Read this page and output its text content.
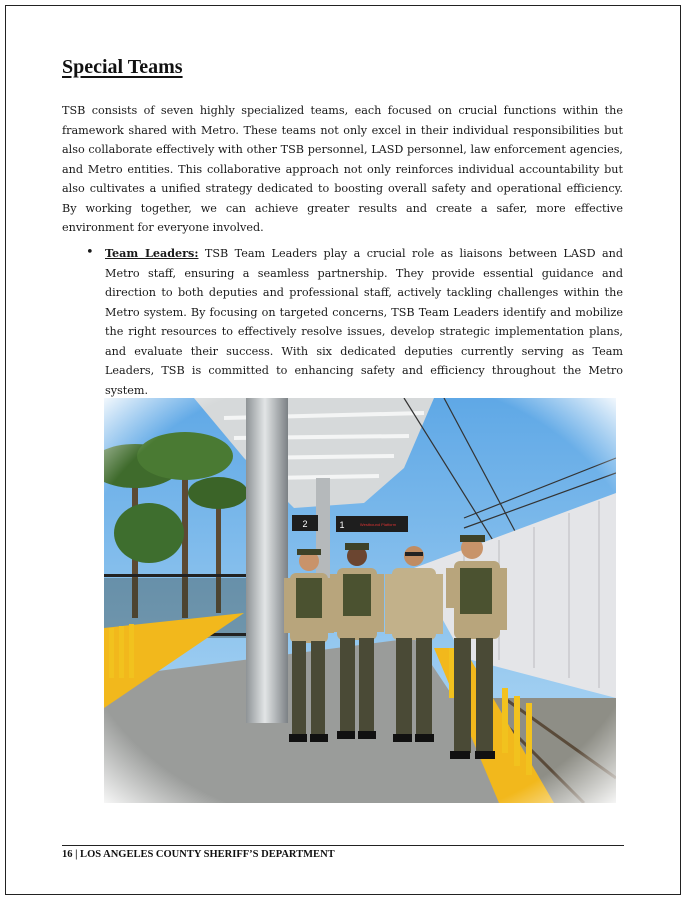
Special Teams

TSB consists of seven highly specialized teams, each focused on crucial functions within the framework shared with Metro. These teams not only excel in their individual responsibilities but also collaborate effectively with other TSB personnel, LASD personnel, law enforcement agencies, and Metro entities. This collaborative approach not only reinforces individual accountability but also cultivates a unified strategy dedicated to boosting overall safety and operational efficiency. By working together, we can achieve greater results and create a safer, more effective environment for everyone involved.

• Team Leaders: TSB Team Leaders play a crucial role as liaisons between LASD and Metro staff, ensuring a seamless partnership. They provide essential guidance and direction to both deputies and professional staff, actively tackling challenges within the Metro system. By focusing on targeted concerns, TSB Team Leaders identify and mobilize the right resources to effectively resolve issues, develop strategic implementation plans, and evaluate their success. With six dedicated deputies currently serving as Team Leaders, TSB is committed to enhancing safety and efficiency throughout the Metro system.

16 | LOS ANGELES COUNTY SHERIFF’S DEPARTMENT
